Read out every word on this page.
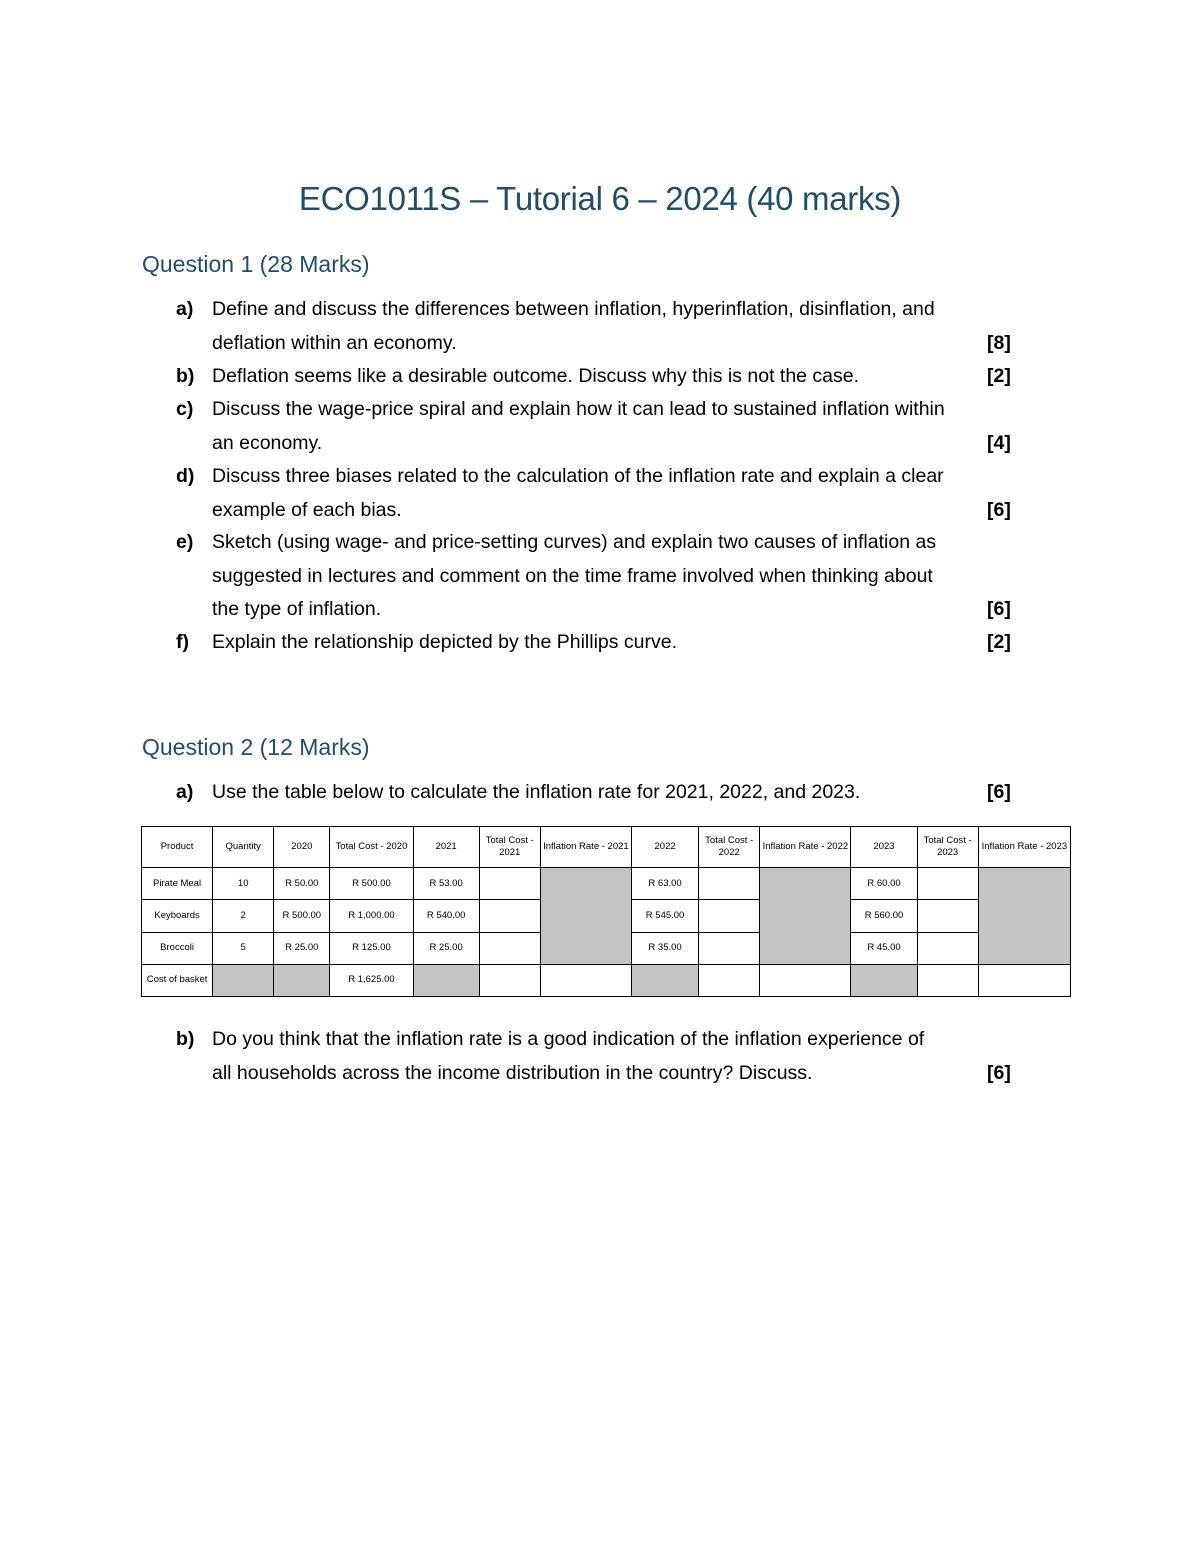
ECO1011S – Tutorial 6 – 2024 (40 marks)
Question 1 (28 Marks)
a) Define and discuss the differences between inflation, hyperinflation, disinflation, and
deflation within an economy.	[8]
b) Deflation seems like a desirable outcome. Discuss why this is not the case.	[2]
c) Discuss the wage-price spiral and explain how it can lead to sustained inflation within
an economy.	[4]
d) Discuss three biases related to the calculation of the inflation rate and explain a clear
example of each bias.	[6]
e) Sketch (using wage- and price-setting curves) and explain two causes of inflation as
suggested in lectures and comment on the time frame involved when thinking about
the type of inflation.	[6]
f)	Explain the relationship depicted by the Phillips curve.	[2]
Question 2 (12 Marks)
a) Use the table below to calculate the inflation rate for 2021, 2022, and 2023.	[6]
Product	Quantity	2020	Total Cost - 2020	2021	Total Cost - 2021	Inflation Rate - 2021	2022	Total Cost - 2022	Inflation Rate - 2022	2023	Total Cost - 2023	Inflation Rate - 2023
Pirate Meal	10	R 50.00	R 500.00	R 53.00			R 63.00			R 60.00		
Keyboards	2	R 500.00	R 1,000.00	R 540.00			R 545.00			R 560.00		
Broccoli	5	R 25.00	R 125.00	R 25.00			R 35.00			R 45.00		
Cost of basket			R 1,625.00									
b) Do you think that the inflation rate is a good indication of the inflation experience of
all households across the income distribution in the country? Discuss.	[6]
